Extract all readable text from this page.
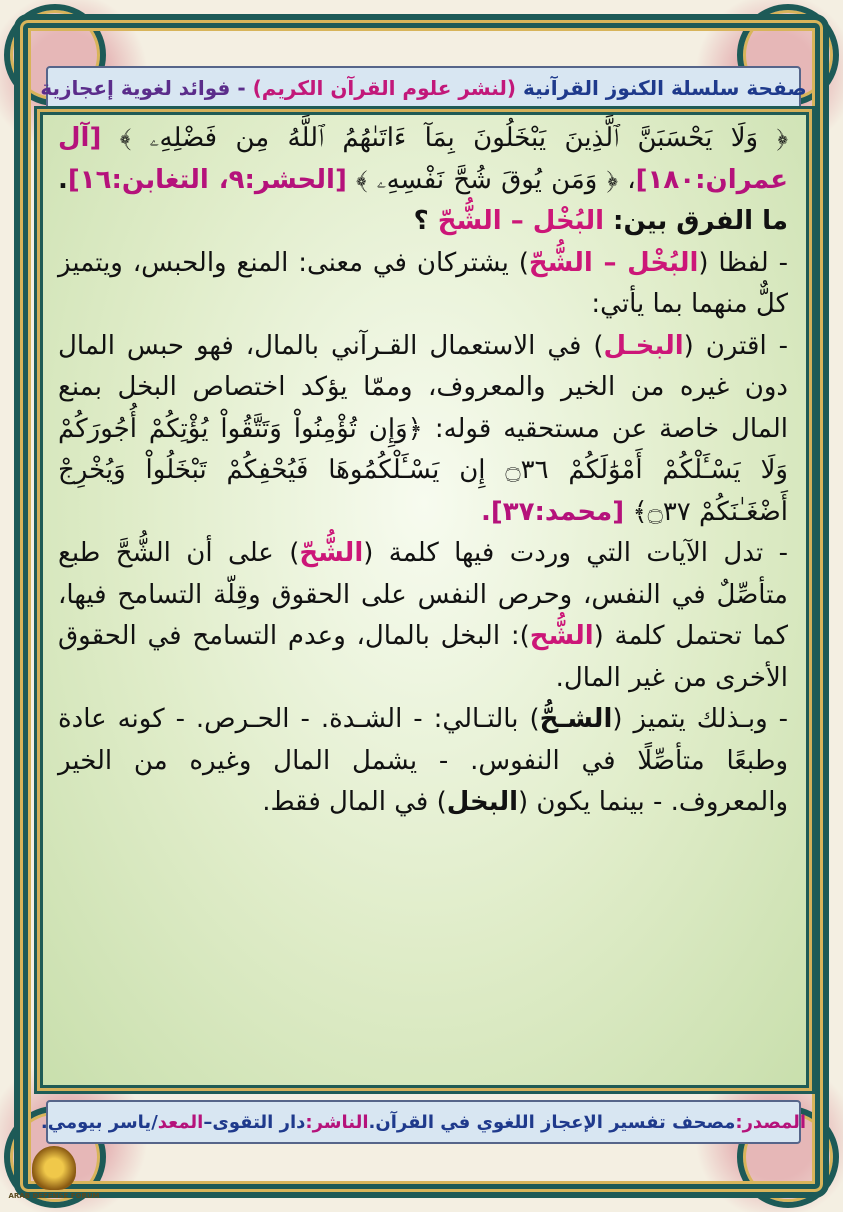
صفحة سلسلة الكنوز القرآنية

(لنشر علوم القرآن الكريم)

- فوائد لغوية إعجازية

﴿ وَلَا يَحْسَبَنَّ ٱلَّذِينَ يَبْخَلُونَ بِمَآ ءَاتَىٰهُمُ ٱللَّهُ مِن فَضْلِهِۦ ﴾ [آل عمران:١٨٠]، ﴿ وَمَن يُوقَ شُحَّ نَفْسِهِۦ ﴾ [الحشر:٩، التغابن:١٦]. ما الفرق بين: البُخْل – الشُّحّ ؟

- لفظا (البُخْل – الشُّحّ) يشتركان في معنى: المنع والحبس، ويتميز كلٌّ منهما بما يأتي:

- اقترن (البخـل) في الاستعمال القـرآني بالمال، فهو حبس المال دون غيره من الخير والمعروف، وممّا يؤكد اختصاص البخل بمنع المال خاصة عن مستحقيه قوله: ﴿وَإِن تُؤْمِنُواْ وَتَتَّقُواْ يُؤْتِكُمْ أُجُورَكُمْ وَلَا يَسْـَٔلْكُمْ أَمْوَٰلَكُمْ ۝٣٦ إِن يَسْـَٔلْكُمُوهَا فَيُحْفِكُمْ تَبْخَلُواْ وَيُخْرِجْ أَضْغَـٰنَكُمْ ۝٣٧﴾ [محمد:٣٧].

- تدل الآيات التي وردت فيها كلمة (الشُّحّ) على أن الشُّحَّ طبع متأصِّلٌ في النفس، وحرص النفس على الحقوق وقِلّة التسامح فيها، كما تحتمل كلمة (الشُّح): البخل بالمال، وعدم التسامح في الحقوق الأخرى من غير المال.

- وبـذلك يتميز (الشـحُّ) بالتـالي: - الشـدة. - الحـرص. - كونه عادة وطبعًا متأصِّلًا في النفوس. - يشمل المال وغيره من الخير والمعروف. - بينما يكون (البخل) في المال فقط.

المصدر:
مصحف تفسير الإعجاز اللغوي في القرآن.
الناشر:
دار التقوى
–
المعد
/ياسر بيومي.
ARAB DEFENSE FORUM
